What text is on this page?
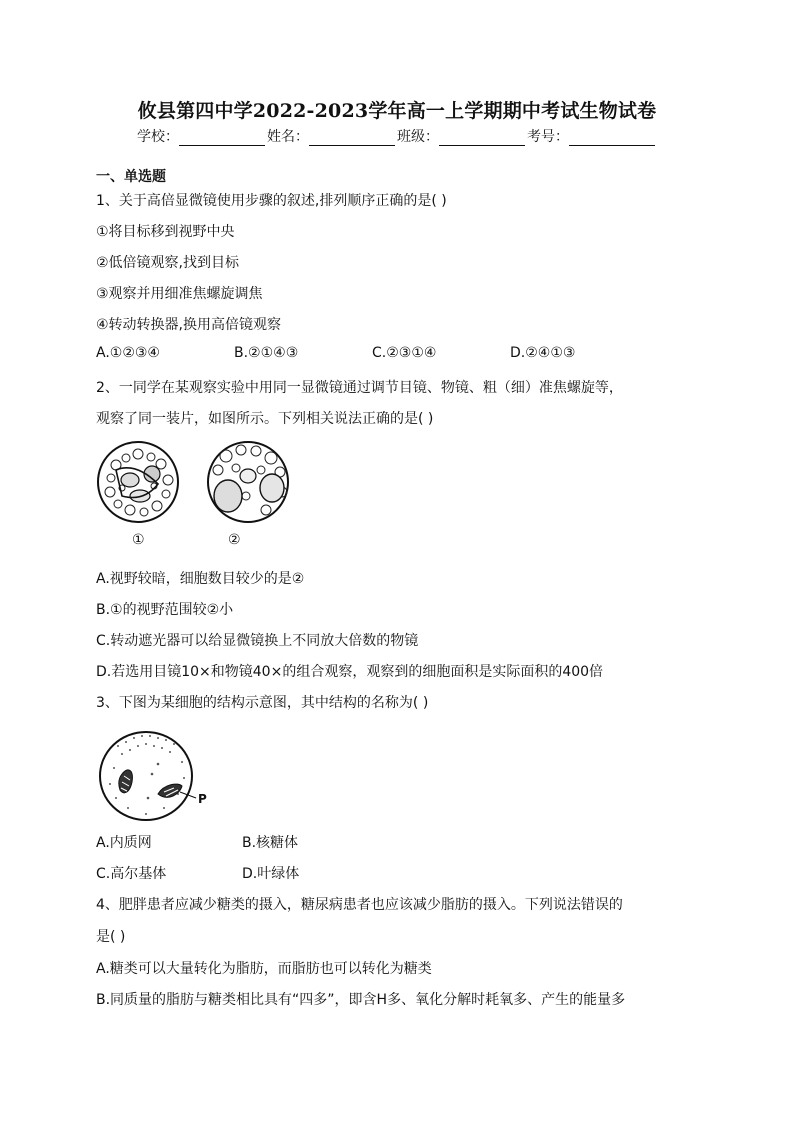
攸县第四中学2022-2023学年高一上学期期中考试生物试卷
学校：	姓名：	班级：	考号：
一、单选题
1、关于高倍显微镜使用步骤的叙述,排列顺序正确的是( )
①将目标移到视野中央
②低倍镜观察,找到目标
③观察并用细准焦螺旋调焦
④转动转换器,换用高倍镜观察
A.①②③④	B.②①④③	C.②③①④	D.②④①③
2、一同学在某观察实验中用同一显微镜通过调节目镜、物镜、粗（细）准焦螺旋等，
观察了同一装片，如图所示。下列相关说法正确的是( )
①	②
A.视野较暗，细胞数目较少的是②
B.①的视野范围较②小
C.转动遮光器可以给显微镜换上不同放大倍数的物镜
D.若选用目镜10×和物镜40×的组合观察，观察到的细胞面积是实际面积的400倍
3、下图为某细胞的结构示意图，其中结构的名称为( )
P
A.内质网	B.核糖体
C.高尔基体	D.叶绿体
4、肥胖患者应减少糖类的摄入，糖尿病患者也应该减少脂肪的摄入。下列说法错误的
是( )
A.糖类可以大量转化为脂肪，而脂肪也可以转化为糖类
B.同质量的脂肪与糖类相比具有“四多”，即含H多、氧化分解时耗氧多、产生的能量多
